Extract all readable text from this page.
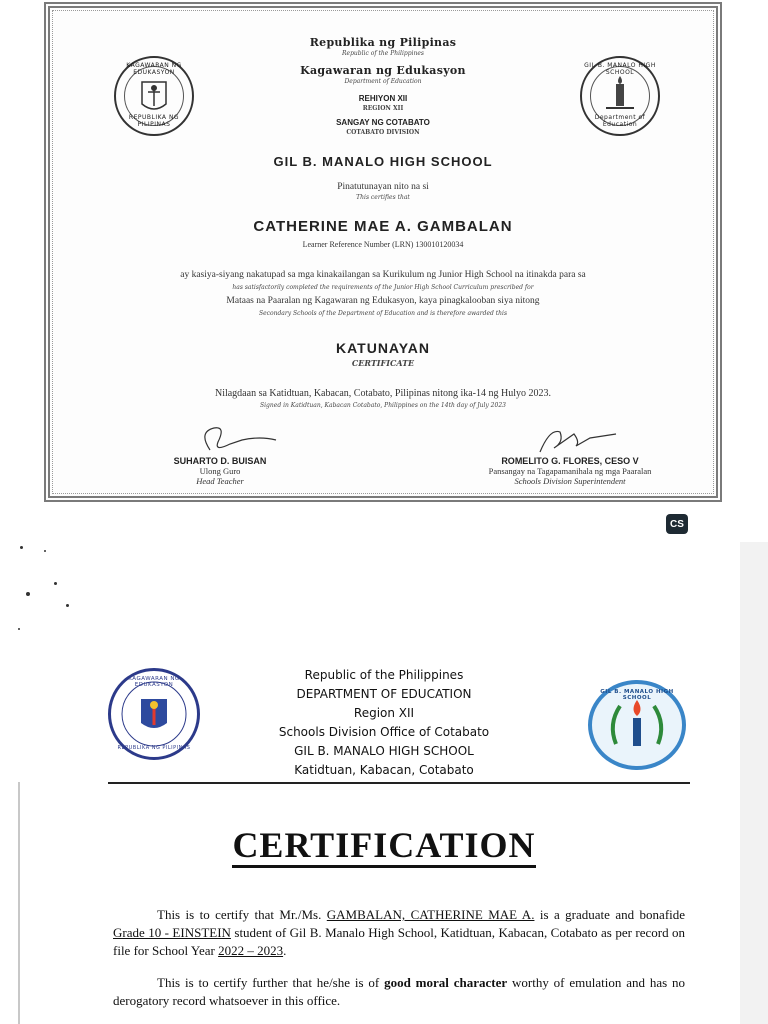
KAGAWARAN NG EDUKASYON
REPUBLIKA NG PILIPINAS
GIL B. MANALO HIGH SCHOOL
Department of Education
Republika ng Pilipinas
Republic of the Philippines
Kagawaran ng Edukasyon
Department of Education
REHIYON XII
REGION XII
SANGAY NG COTABATO
COTABATO DIVISION
GIL B. MANALO HIGH SCHOOL
Pinatutunayan nito na si
This certifies that
CATHERINE MAE A. GAMBALAN
Learner Reference Number (LRN) 130010120034
ay kasiya-siyang nakatupad sa mga kinakailangan sa Kurikulum ng Junior High School na itinakda para sa
has satisfactorily completed the requirements of the Junior High School Curriculum prescribed for
Mataas na Paaralan ng Kagawaran ng Edukasyon, kaya pinagkalooban siya nitong
Secondary Schools of the Department of Education and is therefore awarded this
KATUNAYAN
CERTIFICATE
Nilagdaan sa Katidtuan, Kabacan, Cotabato, Pilipinas nitong ika-14 ng Hulyo 2023.
Signed in Katidtuan, Kabacan Cotabato, Philippines on the 14th day of July 2023
SUHARTO D. BUISAN
Ulong Guro
Head Teacher
ROMELITO G. FLORES, CESO V
Pansangay na Tagapamanihala ng mga Paaralan
Schools Division Superintendent
CS
KAGAWARAN NG EDUKASYON
REPUBLIKA NG PILIPINAS
GIL B. MANALO HIGH SCHOOL
Republic of the Philippines
DEPARTMENT OF EDUCATION
Region XII
Schools Division Office of Cotabato
GIL B. MANALO HIGH SCHOOL
Katidtuan, Kabacan, Cotabato
CERTIFICATION
This is to certify that Mr./Ms. GAMBALAN, CATHERINE MAE A. is a graduate and bonafide Grade 10 - EINSTEIN student of Gil B. Manalo High School, Katidtuan, Kabacan, Cotabato as per record on file for School Year 2022 – 2023.
This is to certify further that he/she is of good moral character worthy of emulation and has no derogatory record whatsoever in this office.
